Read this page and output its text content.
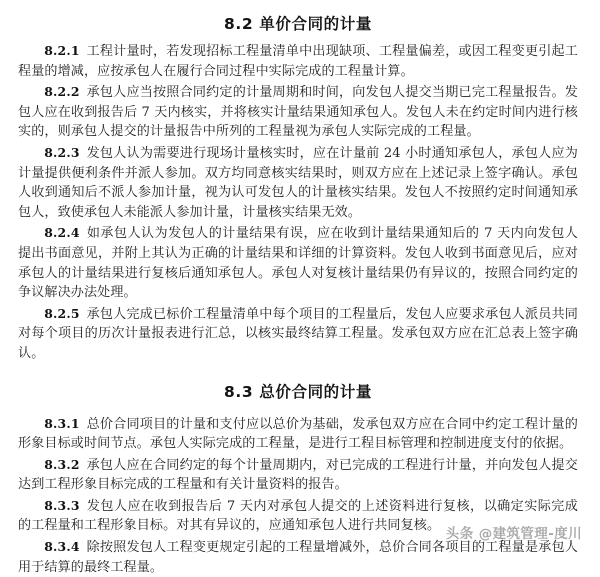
8.2 单价合同的计量

8.2.1 工程计量时，若发现招标工程量清单中出现缺项、工程量偏差，或因工程变更引起工程量的增减，应按承包人在履行合同过程中实际完成的工程量计算。

8.2.2 承包人应当按照合同约定的计量周期和时间，向发包人提交当期已完工程量报告。发包人应在收到报告后 7 天内核实，并将核实计量结果通知承包人。发包人未在约定时间内进行核实的，则承包人提交的计量报告中所列的工程量视为承包人实际完成的工程量。

8.2.3 发包人认为需要进行现场计量核实时，应在计量前 24 小时通知承包人，承包人应为计量提供便利条件并派人参加。双方均同意核实结果时，则双方应在上述记录上签字确认。承包人收到通知后不派人参加计量，视为认可发包人的计量核实结果。发包人不按照约定时间通知承包人，致使承包人未能派人参加计量，计量核实结果无效。

8.2.4 如承包人认为发包人的计量结果有误，应在收到计量结果通知后的 7 天内向发包人提出书面意见，并附上其认为正确的计量结果和详细的计算资料。发包人收到书面意见后，应对承包人的计量结果进行复核后通知承包人。承包人对复核计量结果仍有异议的，按照合同约定的争议解决办法处理。

8.2.5 承包人完成已标价工程量清单中每个项目的工程量后，发包人应要求承包人派员共同对每个项目的历次计量报表进行汇总，以核实最终结算工程量。发承包双方应在汇总表上签字确认。

8.3 总价合同的计量

8.3.1 总价合同项目的计量和支付应以总价为基础，发承包双方应在合同中约定工程计量的形象目标或时间节点。承包人实际完成的工程量，是进行工程目标管理和控制进度支付的依据。

8.3.2 承包人应在合同约定的每个计量周期内，对已完成的工程进行计量，并向发包人提交达到工程形象目标完成的工程量和有关计量资料的报告。

8.3.3 发包人应在收到报告后 7 天内对承包人提交的上述资料进行复核，以确定实际完成的工程量和工程形象目标。对其有异议的，应通知承包人进行共同复核。

8.3.4 除按照发包人工程变更规定引起的工程量增减外，总价合同各项目的工程量是承包人用于结算的最终工程量。

头条 @建筑管理-度川
